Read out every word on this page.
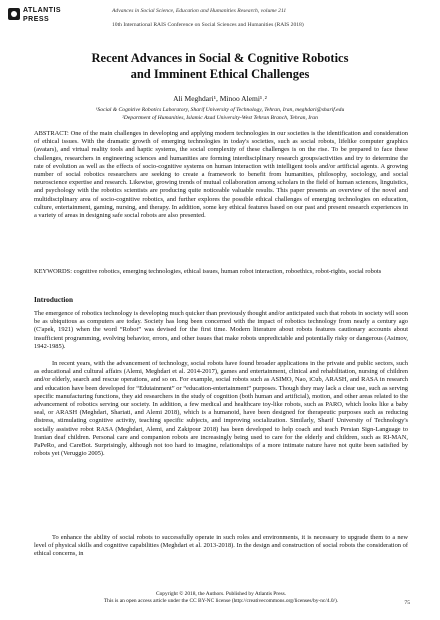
ATLANTIS
PRESS
Advances in Social Science, Education and Humanities Research, volume 211
10th International RAIS Conference on Social Sciences and Humanities (RAIS 2018)
Recent Advances in Social & Cognitive Robotics
and Imminent Ethical Challenges
Ali Meghdari¹, Minoo Alemi¹˒²
¹Social & Cognitive Robotics Laboratory, Sharif University of Technology, Tehran, Iran, meghdari@sharif.edu
²Department of Humanities, Islamic Azad University-West Tehran Branch, Tehran, Iran

ABSTRACT: One of the main challenges in developing and applying modern technologies in our societies is the identification and consideration of ethical issues. With the dramatic growth of emerging technologies in today's societies, such as social robots, lifelike computer graphics (avatars), and virtual reality tools and haptic systems, the social complexity of these challenges is on the rise. To be prepared to face these challenges, researchers in engineering sciences and humanities are forming interdisciplinary research groups/activities and try to determine the rate of evolution as well as the effects of socio-cognitive systems on human interaction with intelligent tools and/or artificial agents. A growing number of social robotics researchers are seeking to create a framework to benefit from humanities, philosophy, sociology, and social neuroscience expertise and research. Likewise, growing trends of mutual collaboration among scholars in the field of human sciences, linguistics, and psychology with the robotics scientists are producing quite noticeable valuable results. This paper presents an overview of the novel and multidisciplinary area of socio-cognitive robotics, and further explores the possible ethical challenges of emerging technologies on education, culture, entertainment, gaming, nursing, and therapy. In addition, some key ethical features based on our past and present research experiences in a variety of areas in designing safe social robots are also presented.

KEYWORDS: cognitive robotics, emerging technologies, ethical issues, human robot interaction, roboethics, robot-rights, social robots

Introduction

The emergence of robotics technology is developing much quicker than previously thought and/or anticipated such that robots in society will soon be as ubiquitous as computers are today. Society has long been concerned with the impact of robotics technology from nearly a century ago (C'apek, 1921) when the word “Robot” was devised for the first time. Modern literature about robots features cautionary accounts about insufficient programming, evolving behavior, errors, and other issues that make robots unpredictable and potentially risky or dangerous (Asimov, 1942-1985).

In recent years, with the advancement of technology, social robots have found broader applications in the private and public sectors, such as educational and cultural affairs (Alemi, Meghdari et al. 2014-2017), games and entertainment, clinical and rehabilitation, nursing of children and/or elderly, search and rescue operations, and so on. For example, social robots such as ASIMO, Nao, iCub, ARASH, and RASA in research and education have been developed for “Edutainment” or “education-entertainment” purposes. Though they may lack a clear use, such as serving specific manufacturing functions, they aid researchers in the study of cognition (both human and artificial), motion, and other areas related to the advancement of robotics serving our society. In addition, a few medical and healthcare toy-like robots, such as PARO, which looks like a baby seal, or ARASH (Meghdari, Shariati, and Alemi 2018), which is a humanoid, have been designed for therapeutic purposes such as reducing distress, stimulating cognitive activity, teaching specific subjects, and improving socialization. Similarly, Sharif University of Technology's socially assistive robot RASA (Meghdari, Alemi, and Zakipour 2018) has been developed to help coach and teach Persian Sign-Language to Iranian deaf children. Personal care and companion robots are increasingly being used to care for the elderly and children, such as RI-MAN, PaPeRo, and CareBot. Surprisingly, although not too hard to imagine, relationships of a more intimate nature have not quite been satisfied by robots yet (Veruggio 2005).

To enhance the ability of social robots to successfully operate in such roles and environments, it is necessary to upgrade them to a new level of physical skills and cognitive capabilities (Meghdari et al. 2013-2018). In the design and construction of social robots the consideration of ethical concerns, in

Copyright © 2018, the Authors. Published by Atlantis Press.
This is an open access article under the CC BY-NC license (http://creativecommons.org/licenses/by-nc/4.0/).	75
